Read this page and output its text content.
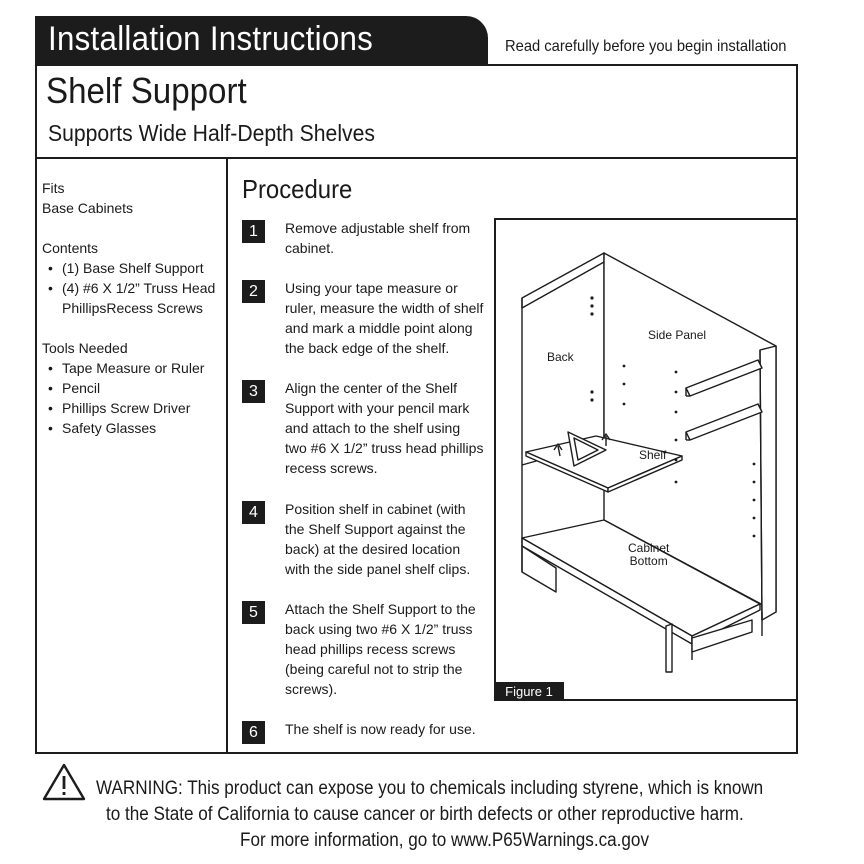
Installation Instructions	Read carefully before you begin installation
Shelf Support
Supports Wide Half-Depth Shelves
Fits
Base Cabinets
Contents
• (1) Base Shelf Support
• (4) #6 X 1/2” Truss Head
PhillipsRecess Screws
Tools Needed
• Tape Measure or Ruler
• Pencil
• Phillips Screw Driver
• Safety Glasses
Procedure
1	Remove adjustable shelf from cabinet.
2	Using your tape measure or ruler, measure the width of shelf and mark a middle point along the back edge of the shelf.
3	Align the center of the Shelf Support with your pencil mark and attach to the shelf using two #6 X 1/2” truss head phillips recess screws.
4	Position shelf in cabinet (with the Shelf Support against the back) at the desired location with the side panel shelf clips.
5	Attach the Shelf Support to the back using two #6 X 1/2” truss head phillips recess screws (being careful not to strip the screws).
6	The shelf is now ready for use.
Back
Side Panel
Shelf
Cabinet
Bottom
Figure 1
WARNING: This product can expose you to chemicals including styrene, which is known
to the State of California to cause cancer or birth defects or other reproductive harm.
For more information, go to www.P65Warnings.ca.gov
